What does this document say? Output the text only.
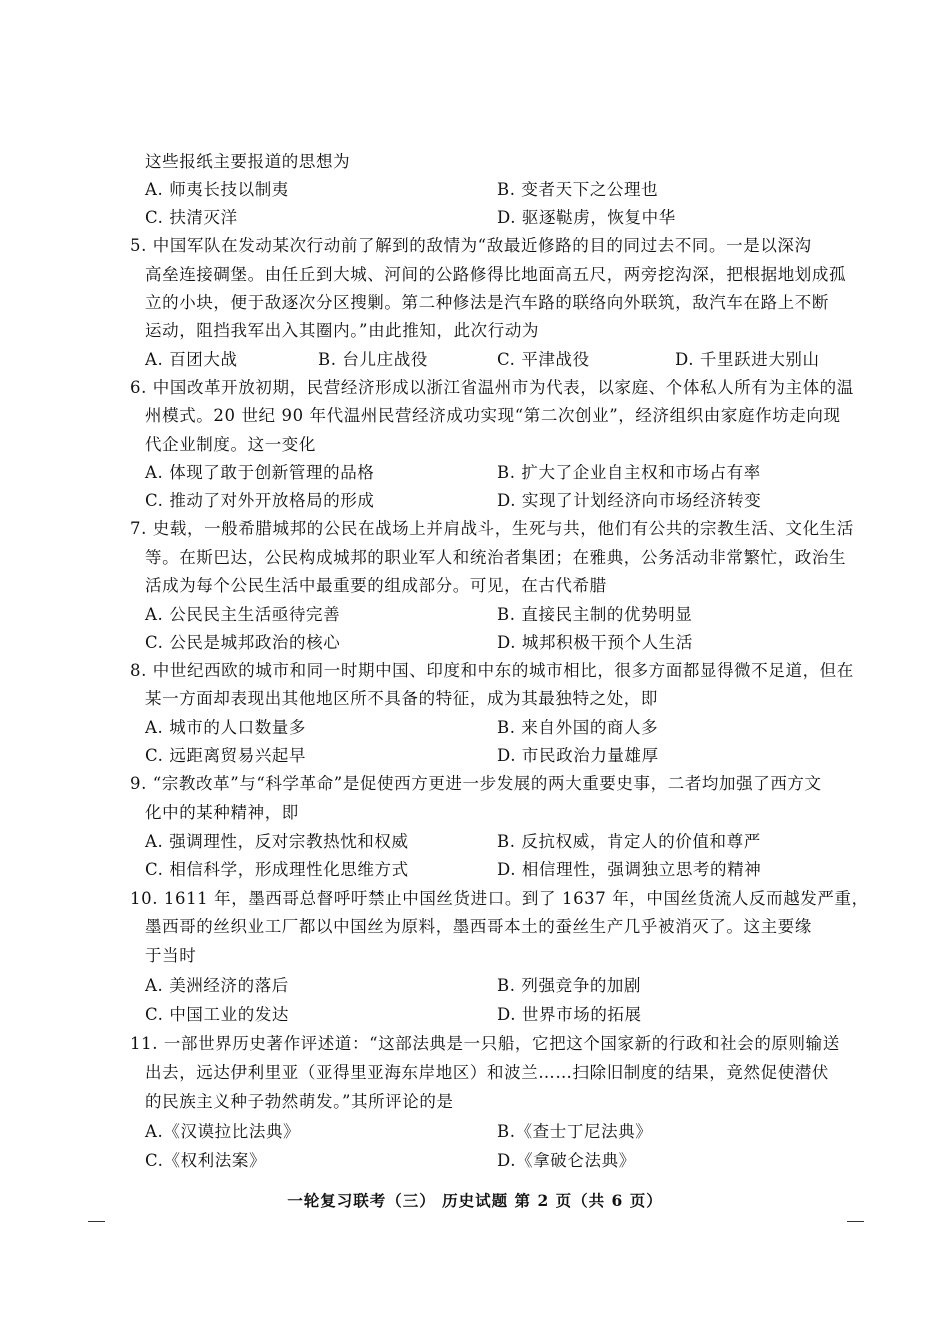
这些报纸主要报道的思想为
A. 师夷长技以制夷	B. 变者天下之公理也
C. 扶清灭洋	D. 驱逐鞑虏，恢复中华
5. 中国军队在发动某次行动前了解到的敌情为“敌最近修路的目的同过去不同。一是以深沟
高垒连接碉堡。由任丘到大城、河间的公路修得比地面高五尺，两旁挖沟深，把根据地划成孤
立的小块，便于敌逐次分区搜剿。第二种修法是汽车路的联络向外联筑，敌汽车在路上不断
运动，阻挡我军出入其圈内。”由此推知，此次行动为
A. 百团大战	B. 台儿庄战役	C. 平津战役	D. 千里跃进大别山
6. 中国改革开放初期，民营经济形成以浙江省温州市为代表，以家庭、个体私人所有为主体的温
州模式。20 世纪 90 年代温州民营经济成功实现“第二次创业”，经济组织由家庭作坊走向现
代企业制度。这一变化
A. 体现了敢于创新管理的品格	B. 扩大了企业自主权和市场占有率
C. 推动了对外开放格局的形成	D. 实现了计划经济向市场经济转变
7. 史载，一般希腊城邦的公民在战场上并肩战斗，生死与共，他们有公共的宗教生活、文化生活
等。在斯巴达，公民构成城邦的职业军人和统治者集团；在雅典，公务活动非常繁忙，政治生
活成为每个公民生活中最重要的组成部分。可见，在古代希腊
A. 公民民主生活亟待完善	B. 直接民主制的优势明显
C. 公民是城邦政治的核心	D. 城邦积极干预个人生活
8. 中世纪西欧的城市和同一时期中国、印度和中东的城市相比，很多方面都显得微不足道，但在
某一方面却表现出其他地区所不具备的特征，成为其最独特之处，即
A. 城市的人口数量多	B. 来自外国的商人多
C. 远距离贸易兴起早	D. 市民政治力量雄厚
9. “宗教改革”与“科学革命”是促使西方更进一步发展的两大重要史事，二者均加强了西方文
化中的某种精神，即
A. 强调理性，反对宗教热忱和权威	B. 反抗权威，肯定人的价值和尊严
C. 相信科学，形成理性化思维方式	D. 相信理性，强调独立思考的精神
10. 1611 年，墨西哥总督呼吁禁止中国丝货进口。到了 1637 年，中国丝货流人反而越发严重，
墨西哥的丝织业工厂都以中国丝为原料，墨西哥本土的蚕丝生产几乎被消灭了。这主要缘
于当时
A. 美洲经济的落后	B. 列强竞争的加剧
C. 中国工业的发达	D. 世界市场的拓展
11. 一部世界历史著作评述道：“这部法典是一只船，它把这个国家新的行政和社会的原则输送
出去，远达伊利里亚（亚得里亚海东岸地区）和波兰……扫除旧制度的结果，竟然促使潜伏
的民族主义种子勃然萌发。”其所评论的是
A.《汉谟拉比法典》	B.《查士丁尼法典》
C.《权利法案》	D.《拿破仑法典》
一轮复习联考（三） 历史试题 第 2 页（共 6 页）
